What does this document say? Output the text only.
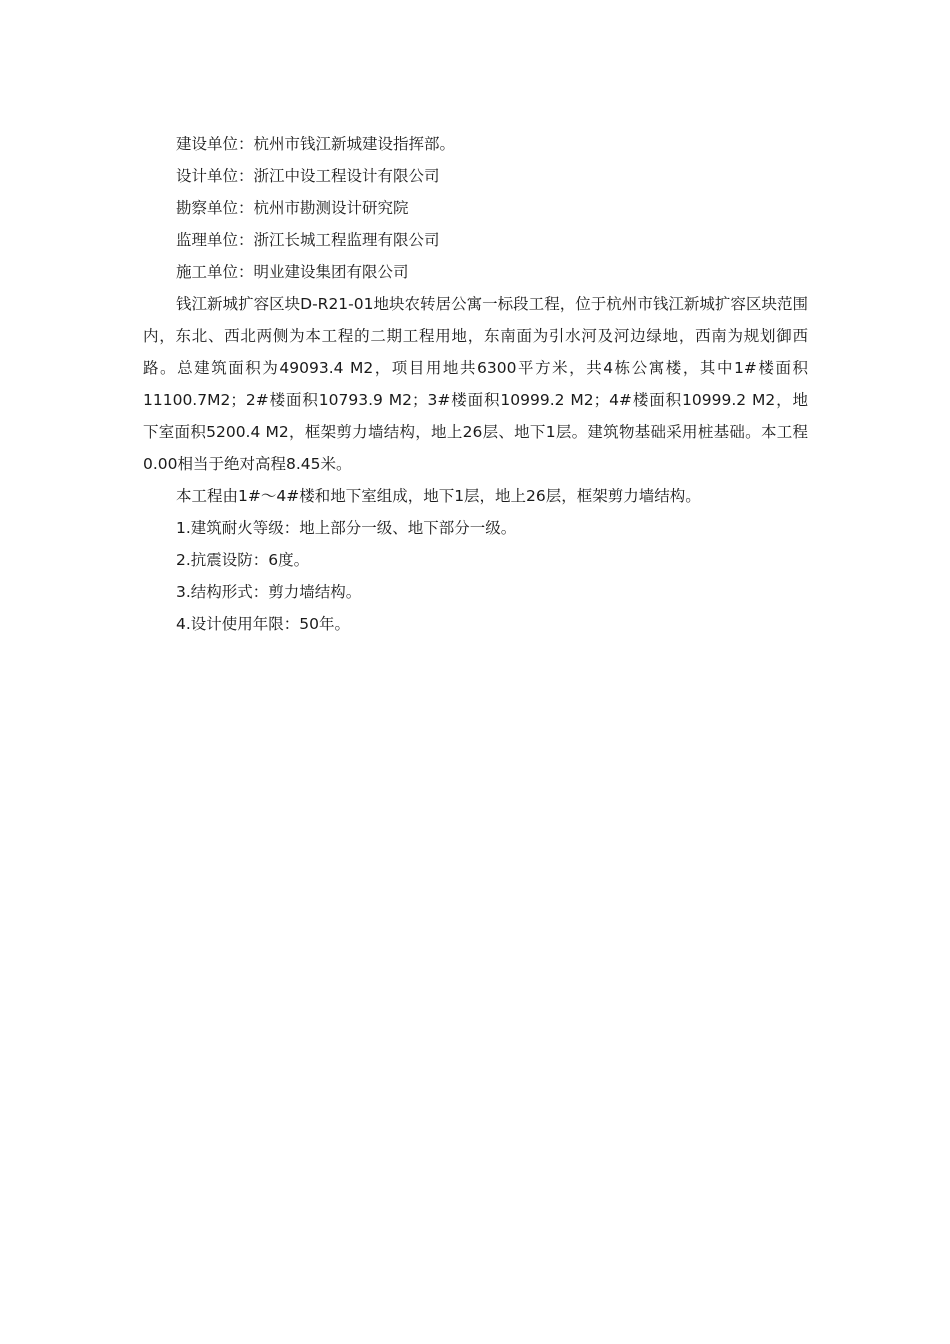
建设单位：杭州市钱江新城建设指挥部。

设计单位：浙江中设工程设计有限公司

勘察单位：杭州市勘测设计研究院

监理单位：浙江长城工程监理有限公司

施工单位：明业建设集团有限公司

钱江新城扩容区块D-R21-01地块农转居公寓一标段工程，位于杭州市钱江新城扩容区块范围内，东北、西北两侧为本工程的二期工程用地，东南面为引水河及河边绿地，西南为规划御西路。总建筑面积为49093.4 M2，项目用地共6300平方米，共4栋公寓楼，其中1#楼面积11100.7M2；2#楼面积10793.9 M2；3#楼面积10999.2 M2；4#楼面积10999.2 M2，地下室面积5200.4 M2，框架剪力墙结构，地上26层、地下1层。建筑物基础采用桩基础。本工程0.00相当于绝对高程8.45米。

本工程由1#～4#楼和地下室组成，地下1层，地上26层，框架剪力墙结构。

1.建筑耐火等级：地上部分一级、地下部分一级。

2.抗震设防：6度。

3.结构形式：剪力墙结构。

4.设计使用年限：50年。
